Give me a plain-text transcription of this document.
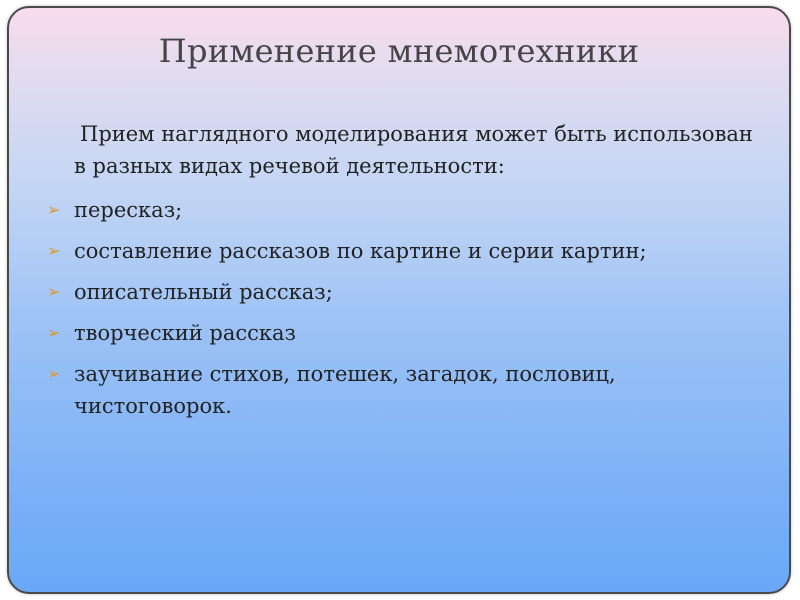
Применение мнемотехники

Прием наглядного моделирования может быть использован в разных видах речевой деятельности:

➢ пересказ;
➢ составление рассказов по картине и серии картин;
➢ описательный рассказ;
➢ творческий рассказ
➢ заучивание стихов, потешек, загадок, пословиц, чистоговорок.
